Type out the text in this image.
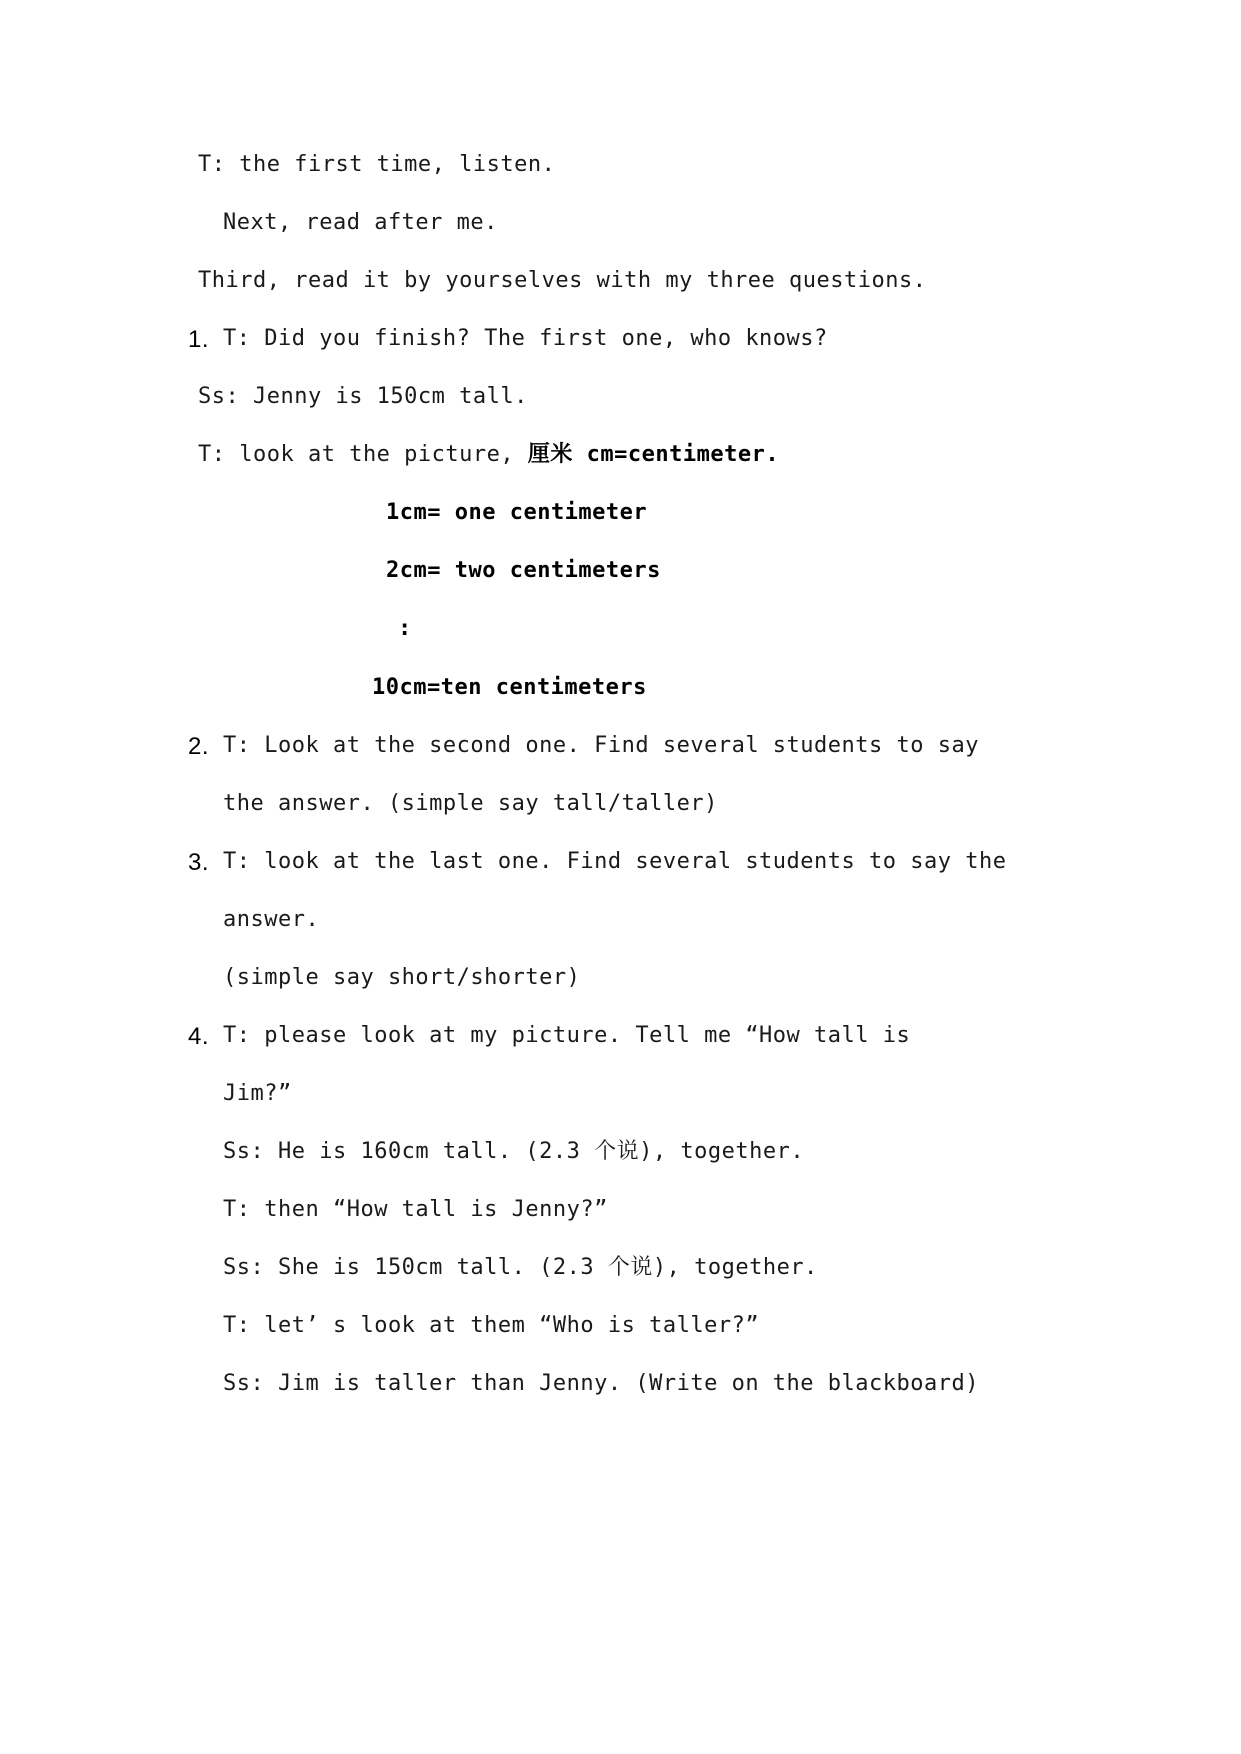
T: the first time, listen.
Next, read after me.
Third, read it by yourselves with my three questions.
1. T: Did you finish? The first one, who knows?
Ss: Jenny is 150cm tall.
T: look at the picture, 厘米 cm=centimeter.
1cm= one centimeter
2cm= two centimeters
:
10cm=ten centimeters
2. T: Look at the second one. Find several students to say
the answer. (simple say tall/taller)
3. T: look at the last one. Find several students to say the
answer.
(simple say short/shorter)
4. T: please look at my picture. Tell me “How tall is
Jim?”
Ss: He is 160cm tall. (2.3 个说), together.
T: then “How tall is Jenny?”
Ss: She is 150cm tall. (2.3 个说), together.
T: let’ s look at them “Who is taller?”
Ss: Jim is taller than Jenny. (Write on the blackboard)
